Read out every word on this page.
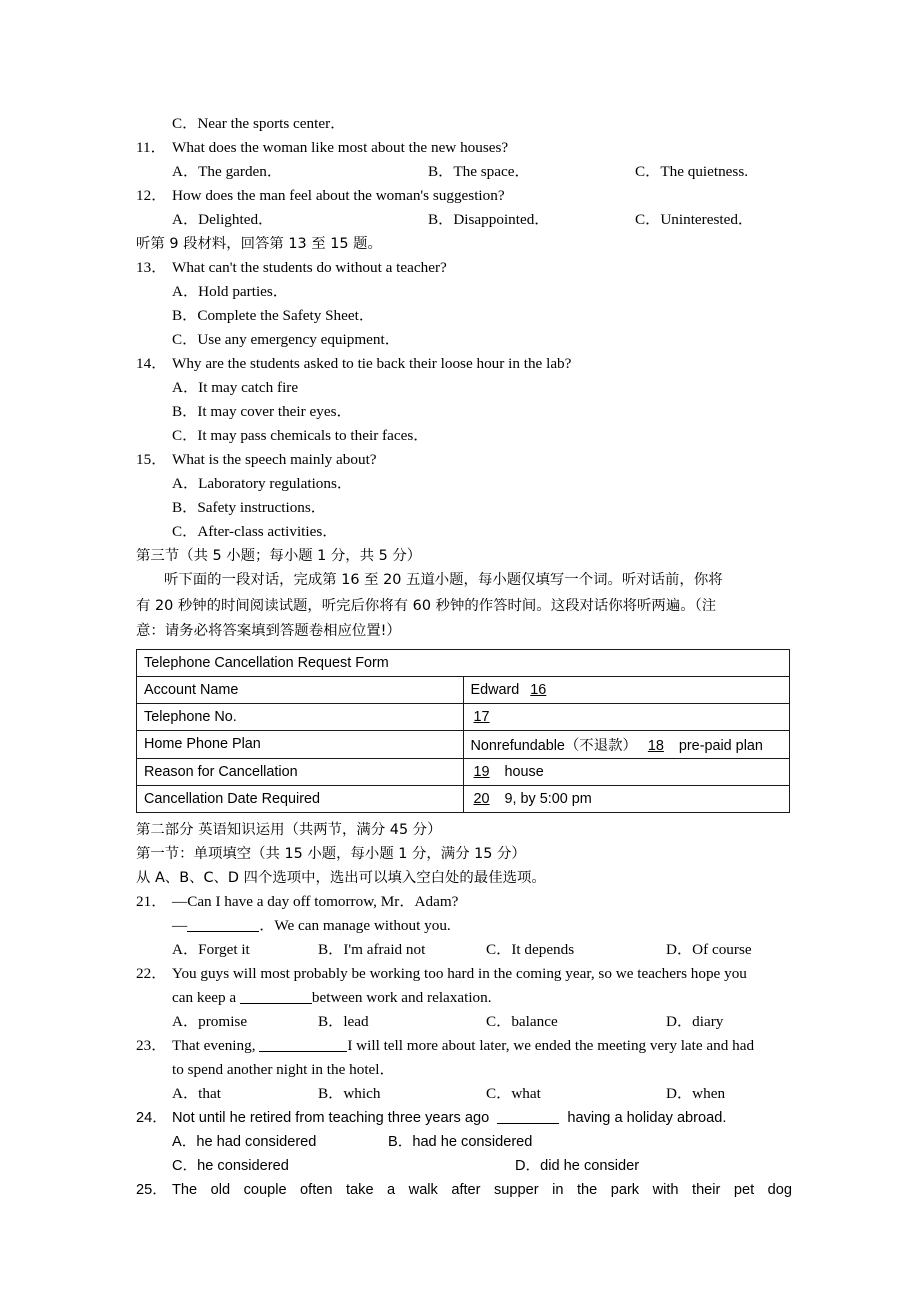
C．Near the sports center．
11． What does the woman like most about the new houses?
A．The garden．	B．The space．	C．The quietness.
12． How does the man feel about the woman's suggestion?
A．Delighted．	B．Disappointed．	C．Uninterested．
听第 9 段材料，回答第 13 至 15 题。
13． What can't the students do without a teacher?
A．Hold parties．
B．Complete the Safety Sheet．
C．Use any emergency equipment．
14． Why are the students asked to tie back their loose hour in the lab?
A．It may catch fire
B．It may cover their eyes．
C．It may pass chemicals to their faces．
15． What is the speech mainly about?
A．Laboratory regulations．
B．Safety instructions．
C．After-class activities．
第三节（共 5 小题；每小题 1 分，共 5 分）
听下面的一段对话，完成第 16 至 20 五道小题，每小题仅填写一个词。听对话前，你将
有 20 秒钟的时间阅读试题，听完后你将有 60 秒钟的作答时间。这段对话你将听两遍。（注
意：请务必将答案填到答题卷相应位置!）
Telephone Cancellation Request Form	
Account Name	Edward 16
Telephone No.	17
Home Phone Plan	Nonrefundable（不退款） 18 pre-paid plan
Reason for Cancellation	19 house
Cancellation Date Required	20 9, by 5:00 pm
第二部分 英语知识运用（共两节，满分 45 分）
第一节：单项填空（共 15 小题，每小题 1 分，满分 15 分）
从 A、B、C、D 四个选项中，选出可以填入空白处的最佳选项。
21． —Can I have a day off tomorrow, Mr．Adam?
—	．We can manage without you.
A．Forget it	B．I'm afraid not	C．It depends	D．Of course
22． You guys will most probably be working too hard in the coming year, so we teachers hope you
can keep a	between work and relaxation.
A．promise	B．lead	C．balance	D．diary
23． That evening,	I will tell more about later, we ended the meeting very late and had
to spend another night in the hotel．
A．that	B．which	C．what	D．when
24． Not until he retired from teaching three years ago	having a holiday abroad.
A．he had considered	B．had he considered
C．he considered	D．did he consider
25． The old couple often take a walk after supper in the park with their pet dog
